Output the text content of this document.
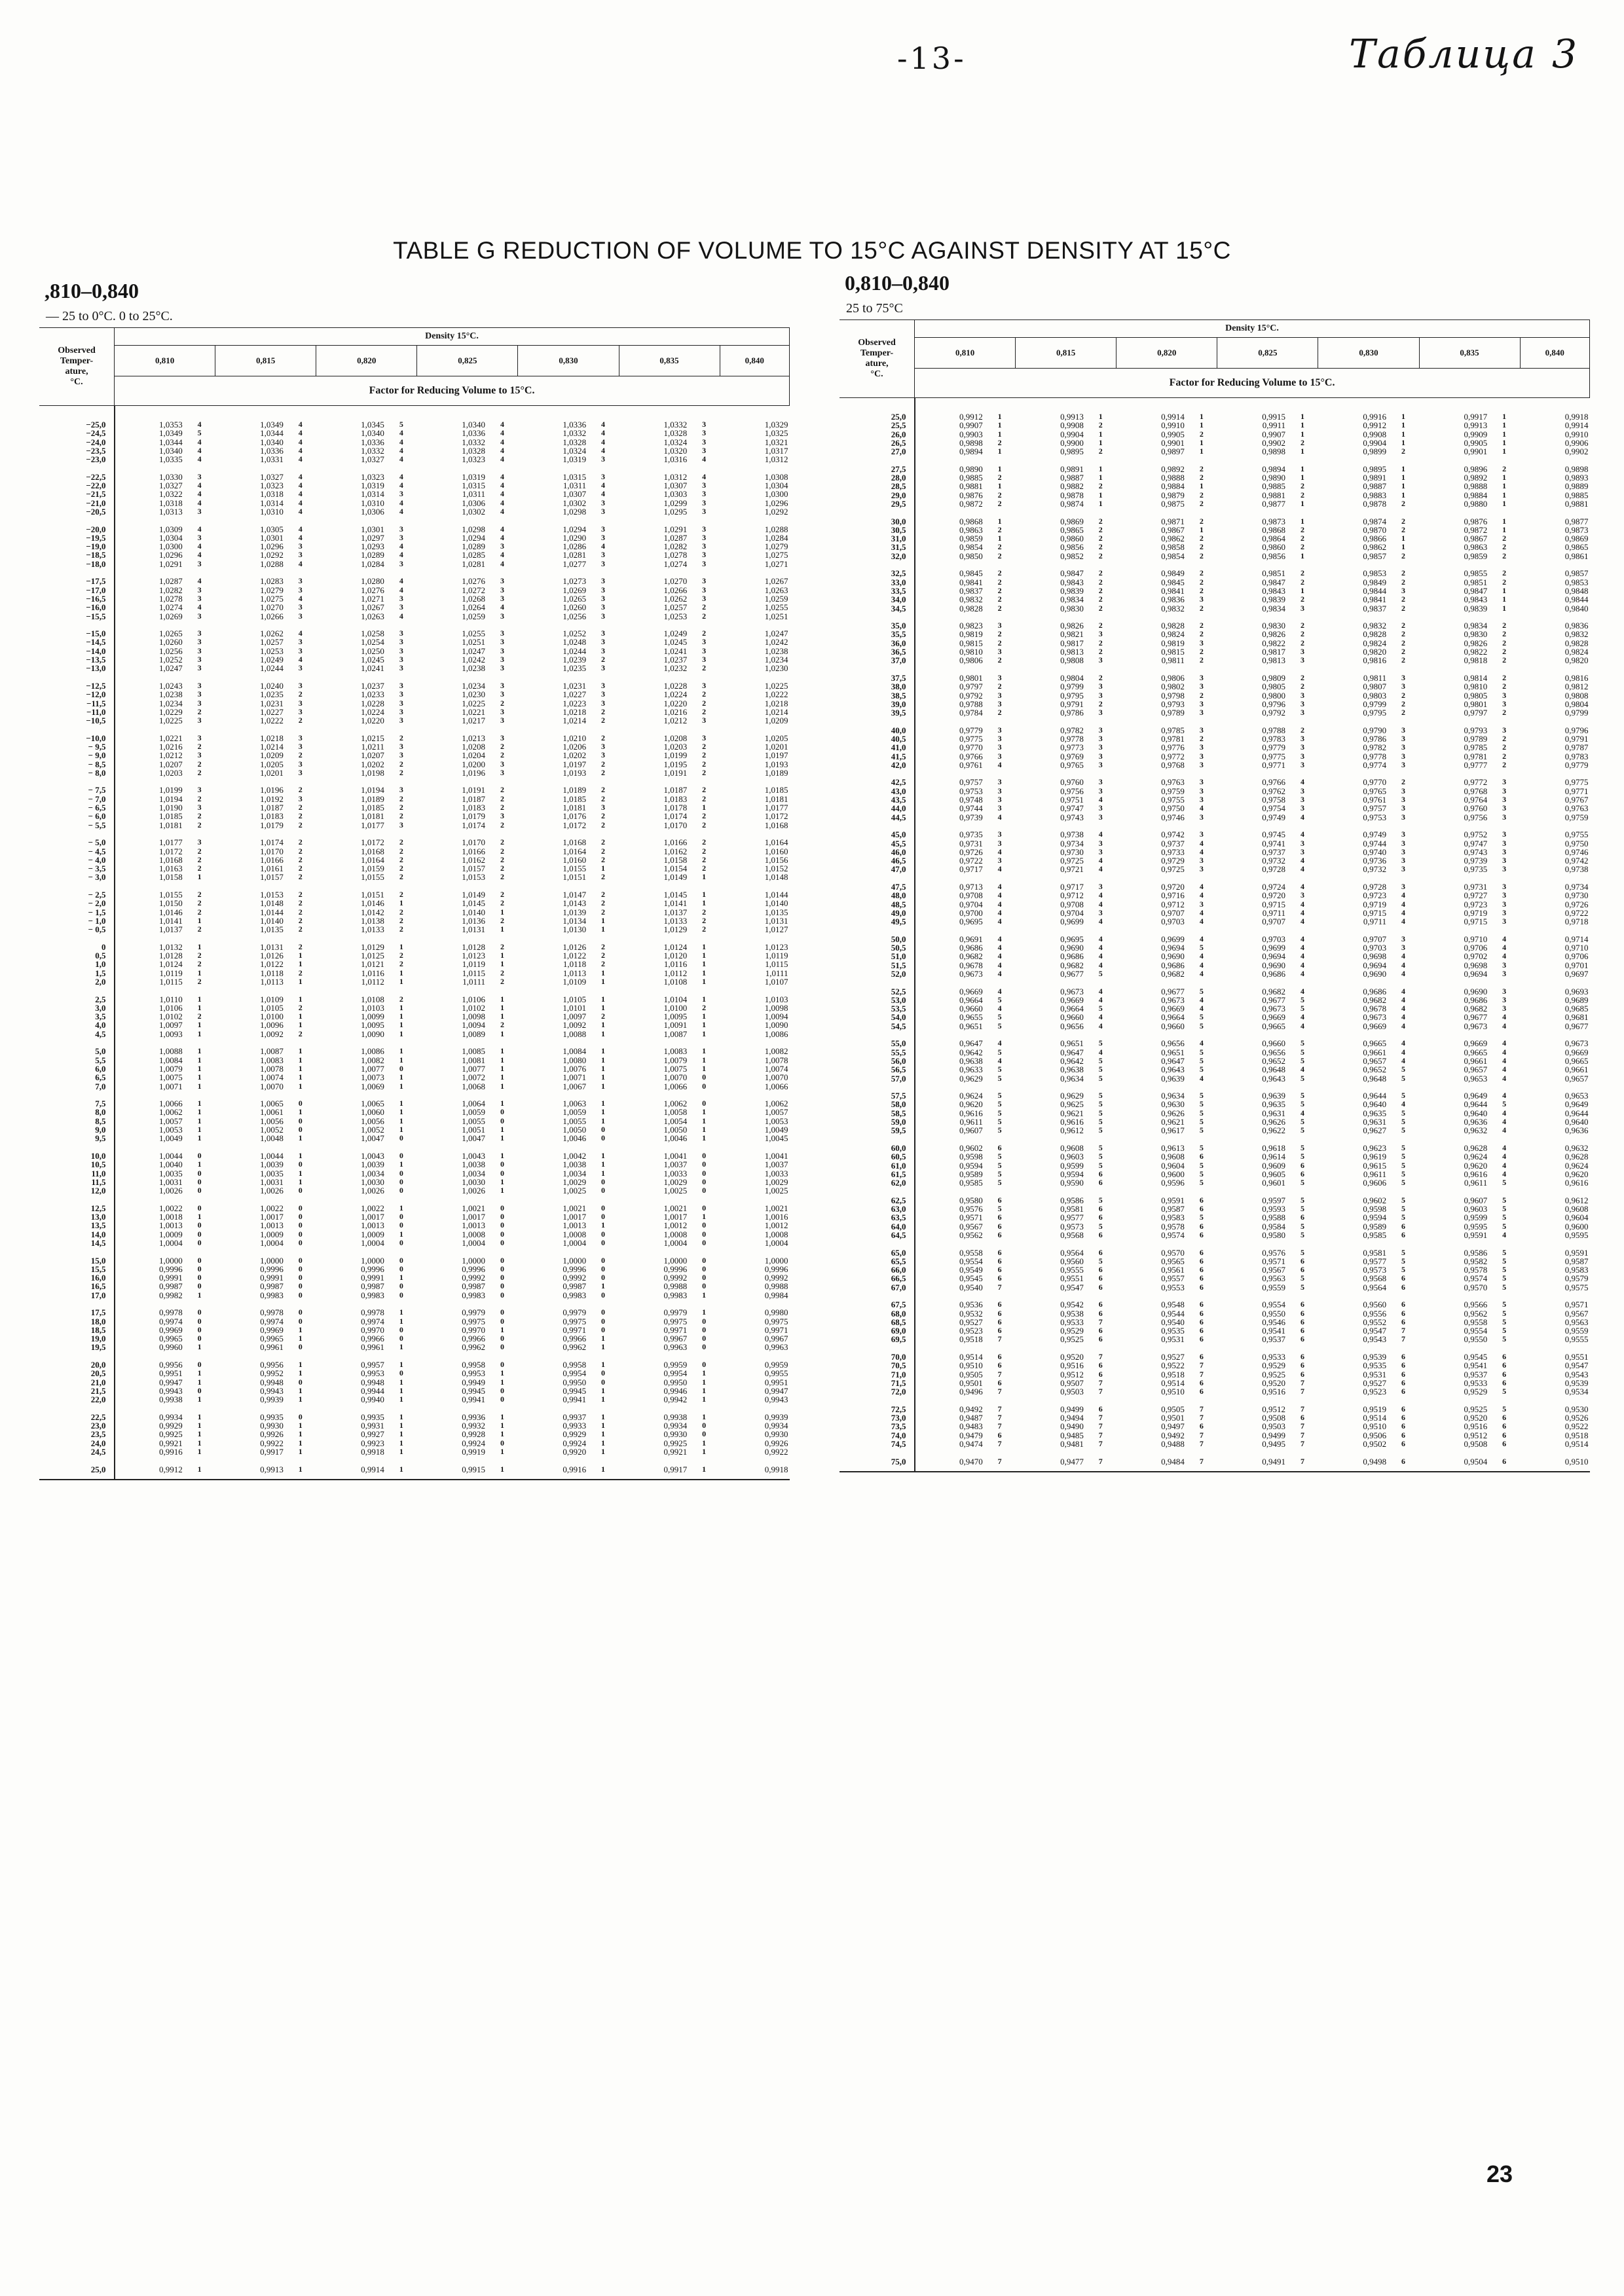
-13-	Таблица 3
TABLE G REDUCTION OF VOLUME TO 15°C AGAINST DENSITY AT 15°C
,810–0,840
— 25 to 0°C. 0 to 25°C.
0,810–0,840
25 to 75°C
Observed
Temper-
ature,
°C.	Density 15°C.												
	0,810		0,815		0,820		0,825		0,830		0,835		0,840
	Factor for Reducing Volume to 15°C.												

−25,0	1,0353	4	1,0349	4	1,0345	5	1,0340	4	1,0336	4	1,0332	3	1,0329
−24,5	1,0349	5	1,0344	4	1,0340	4	1,0336	4	1,0332	4	1,0328	3	1,0325
−24,0	1,0344	4	1,0340	4	1,0336	4	1,0332	4	1,0328	4	1,0324	3	1,0321
−23,5	1,0340	4	1,0336	4	1,0332	4	1,0328	4	1,0324	4	1,0320	3	1,0317
−23,0	1,0335	4	1,0331	4	1,0327	4	1,0323	4	1,0319	3	1,0316	4	1,0312

−22,5	1,0330	3	1,0327	4	1,0323	4	1,0319	4	1,0315	3	1,0312	4	1,0308
−22,0	1,0327	4	1,0323	4	1,0319	4	1,0315	4	1,0311	4	1,0307	3	1,0304
−21,5	1,0322	4	1,0318	4	1,0314	3	1,0311	4	1,0307	4	1,0303	3	1,0300
−21,0	1,0318	4	1,0314	4	1,0310	4	1,0306	4	1,0302	3	1,0299	3	1,0296
−20,5	1,0313	3	1,0310	4	1,0306	4	1,0302	4	1,0298	3	1,0295	3	1,0292

−20,0	1,0309	4	1,0305	4	1,0301	3	1,0298	4	1,0294	3	1,0291	3	1,0288
−19,5	1,0304	3	1,0301	4	1,0297	3	1,0294	4	1,0290	3	1,0287	3	1,0284
−19,0	1,0300	4	1,0296	3	1,0293	4	1,0289	3	1,0286	4	1,0282	3	1,0279
−18,5	1,0296	4	1,0292	3	1,0289	4	1,0285	4	1,0281	3	1,0278	3	1,0275
−18,0	1,0291	3	1,0288	4	1,0284	3	1,0281	4	1,0277	3	1,0274	3	1,0271

−17,5	1,0287	4	1,0283	3	1,0280	4	1,0276	3	1,0273	3	1,0270	3	1,0267
−17,0	1,0282	3	1,0279	3	1,0276	4	1,0272	3	1,0269	3	1,0266	3	1,0263
−16,5	1,0278	3	1,0275	4	1,0271	3	1,0268	3	1,0265	3	1,0262	3	1,0259
−16,0	1,0274	4	1,0270	3	1,0267	3	1,0264	4	1,0260	3	1,0257	2	1,0255
−15,5	1,0269	3	1,0266	3	1,0263	4	1,0259	3	1,0256	3	1,0253	2	1,0251

−15,0	1,0265	3	1,0262	4	1,0258	3	1,0255	3	1,0252	3	1,0249	2	1,0247
−14,5	1,0260	3	1,0257	3	1,0254	3	1,0251	3	1,0248	3	1,0245	3	1,0242
−14,0	1,0256	3	1,0253	3	1,0250	3	1,0247	3	1,0244	3	1,0241	3	1,0238
−13,5	1,0252	3	1,0249	4	1,0245	3	1,0242	3	1,0239	2	1,0237	3	1,0234
−13,0	1,0247	3	1,0244	3	1,0241	3	1,0238	3	1,0235	3	1,0232	2	1,0230

−12,5	1,0243	3	1,0240	3	1,0237	3	1,0234	3	1,0231	3	1,0228	3	1,0225
−12,0	1,0238	3	1,0235	2	1,0233	3	1,0230	3	1,0227	3	1,0224	2	1,0222
−11,5	1,0234	3	1,0231	3	1,0228	3	1,0225	2	1,0223	3	1,0220	2	1,0218
−11,0	1,0229	2	1,0227	3	1,0224	3	1,0221	3	1,0218	2	1,0216	2	1,0214
−10,5	1,0225	3	1,0222	2	1,0220	3	1,0217	3	1,0214	2	1,0212	3	1,0209

−10,0	1,0221	3	1,0218	3	1,0215	2	1,0213	3	1,0210	2	1,0208	3	1,0205
− 9,5	1,0216	2	1,0214	3	1,0211	3	1,0208	2	1,0206	3	1,0203	2	1,0201
− 9,0	1,0212	3	1,0209	2	1,0207	3	1,0204	2	1,0202	3	1,0199	2	1,0197
− 8,5	1,0207	2	1,0205	3	1,0202	2	1,0200	3	1,0197	2	1,0195	2	1,0193
− 8,0	1,0203	2	1,0201	3	1,0198	2	1,0196	3	1,0193	2	1,0191	2	1,0189

− 7,5	1,0199	3	1,0196	2	1,0194	3	1,0191	2	1,0189	2	1,0187	2	1,0185
− 7,0	1,0194	2	1,0192	3	1,0189	2	1,0187	2	1,0185	2	1,0183	2	1,0181
− 6,5	1,0190	3	1,0187	2	1,0185	2	1,0183	2	1,0181	3	1,0178	1	1,0177
− 6,0	1,0185	2	1,0183	2	1,0181	2	1,0179	3	1,0176	2	1,0174	2	1,0172
− 5,5	1,0181	2	1,0179	2	1,0177	3	1,0174	2	1,0172	2	1,0170	2	1,0168

− 5,0	1,0177	3	1,0174	2	1,0172	2	1,0170	2	1,0168	2	1,0166	2	1,0164
− 4,5	1,0172	2	1,0170	2	1,0168	2	1,0166	2	1,0164	2	1,0162	2	1,0160
− 4,0	1,0168	2	1,0166	2	1,0164	2	1,0162	2	1,0160	2	1,0158	2	1,0156
− 3,5	1,0163	2	1,0161	2	1,0159	2	1,0157	2	1,0155	1	1,0154	2	1,0152
− 3,0	1,0158	1	1,0157	2	1,0155	2	1,0153	2	1,0151	2	1,0149	1	1,0148

− 2,5	1,0155	2	1,0153	2	1,0151	2	1,0149	2	1,0147	2	1,0145	1	1,0144
− 2,0	1,0150	2	1,0148	2	1,0146	1	1,0145	2	1,0143	2	1,0141	1	1,0140
− 1,5	1,0146	2	1,0144	2	1,0142	2	1,0140	1	1,0139	2	1,0137	2	1,0135
− 1,0	1,0141	1	1,0140	2	1,0138	2	1,0136	2	1,0134	1	1,0133	2	1,0131
− 0,5	1,0137	2	1,0135	2	1,0133	2	1,0131	1	1,0130	1	1,0129	2	1,0127

0	1,0132	1	1,0131	2	1,0129	1	1,0128	2	1,0126	2	1,0124	1	1,0123
0,5	1,0128	2	1,0126	1	1,0125	2	1,0123	1	1,0122	2	1,0120	1	1,0119
1,0	1,0124	2	1,0122	1	1,0121	2	1,0119	1	1,0118	2	1,0116	1	1,0115
1,5	1,0119	1	1,0118	2	1,0116	1	1,0115	2	1,0113	1	1,0112	1	1,0111
2,0	1,0115	2	1,0113	1	1,0112	1	1,0111	2	1,0109	1	1,0108	1	1,0107

2,5	1,0110	1	1,0109	1	1,0108	2	1,0106	1	1,0105	1	1,0104	1	1,0103
3,0	1,0106	1	1,0105	2	1,0103	1	1,0102	1	1,0101	1	1,0100	2	1,0098
3,5	1,0102	2	1,0100	1	1,0099	1	1,0098	1	1,0097	2	1,0095	1	1,0094
4,0	1,0097	1	1,0096	1	1,0095	1	1,0094	2	1,0092	1	1,0091	1	1,0090
4,5	1,0093	1	1,0092	2	1,0090	1	1,0089	1	1,0088	1	1,0087	1	1,0086

5,0	1,0088	1	1,0087	1	1,0086	1	1,0085	1	1,0084	1	1,0083	1	1,0082
5,5	1,0084	1	1,0083	1	1,0082	1	1,0081	1	1,0080	1	1,0079	1	1,0078
6,0	1,0079	1	1,0078	1	1,0077	0	1,0077	1	1,0076	1	1,0075	1	1,0074
6,5	1,0075	1	1,0074	1	1,0073	1	1,0072	1	1,0071	1	1,0070	0	1,0070
7,0	1,0071	1	1,0070	1	1,0069	1	1,0068	1	1,0067	1	1,0066	0	1,0066

7,5	1,0066	1	1,0065	0	1,0065	1	1,0064	1	1,0063	1	1,0062	0	1,0062
8,0	1,0062	1	1,0061	1	1,0060	1	1,0059	0	1,0059	1	1,0058	1	1,0057
8,5	1,0057	1	1,0056	0	1,0056	1	1,0055	0	1,0055	1	1,0054	1	1,0053
9,0	1,0053	1	1,0052	0	1,0052	1	1,0051	1	1,0050	0	1,0050	1	1,0049
9,5	1,0049	1	1,0048	1	1,0047	0	1,0047	1	1,0046	0	1,0046	1	1,0045

10,0	1,0044	0	1,0044	1	1,0043	0	1,0043	1	1,0042	1	1,0041	0	1,0041
10,5	1,0040	1	1,0039	0	1,0039	1	1,0038	0	1,0038	1	1,0037	0	1,0037
11,0	1,0035	0	1,0035	1	1,0034	0	1,0034	0	1,0034	1	1,0033	0	1,0033
11,5	1,0031	0	1,0031	1	1,0030	0	1,0030	1	1,0029	0	1,0029	0	1,0029
12,0	1,0026	0	1,0026	0	1,0026	0	1,0026	1	1,0025	0	1,0025	0	1,0025

12,5	1,0022	0	1,0022	0	1,0022	1	1,0021	0	1,0021	0	1,0021	0	1,0021
13,0	1,0018	1	1,0017	0	1,0017	0	1,0017	0	1,0017	0	1,0017	1	1,0016
13,5	1,0013	0	1,0013	0	1,0013	0	1,0013	0	1,0013	1	1,0012	0	1,0012
14,0	1,0009	0	1,0009	0	1,0009	1	1,0008	0	1,0008	0	1,0008	0	1,0008
14,5	1,0004	0	1,0004	0	1,0004	0	1,0004	0	1,0004	0	1,0004	0	1,0004

15,0	1,0000	0	1,0000	0	1,0000	0	1,0000	0	1,0000	0	1,0000	0	1,0000
15,5	0,9996	0	0,9996	0	0,9996	0	0,9996	0	0,9996	0	0,9996	0	0,9996
16,0	0,9991	0	0,9991	0	0,9991	1	0,9992	0	0,9992	0	0,9992	0	0,9992
16,5	0,9987	0	0,9987	0	0,9987	0	0,9987	0	0,9987	1	0,9988	0	0,9988
17,0	0,9982	1	0,9983	0	0,9983	0	0,9983	0	0,9983	0	0,9983	1	0,9984

17,5	0,9978	0	0,9978	0	0,9978	1	0,9979	0	0,9979	0	0,9979	1	0,9980
18,0	0,9974	0	0,9974	0	0,9974	1	0,9975	0	0,9975	0	0,9975	0	0,9975
18,5	0,9969	0	0,9969	1	0,9970	0	0,9970	1	0,9971	0	0,9971	0	0,9971
19,0	0,9965	0	0,9965	1	0,9966	0	0,9966	0	0,9966	1	0,9967	0	0,9967
19,5	0,9960	1	0,9961	0	0,9961	1	0,9962	0	0,9962	1	0,9963	0	0,9963

20,0	0,9956	0	0,9956	1	0,9957	1	0,9958	0	0,9958	1	0,9959	0	0,9959
20,5	0,9951	1	0,9952	1	0,9953	0	0,9953	1	0,9954	0	0,9954	1	0,9955
21,0	0,9947	1	0,9948	0	0,9948	1	0,9949	1	0,9950	0	0,9950	1	0,9951
21,5	0,9943	0	0,9943	1	0,9944	1	0,9945	0	0,9945	1	0,9946	1	0,9947
22,0	0,9938	1	0,9939	1	0,9940	1	0,9941	0	0,9941	1	0,9942	1	0,9943

22,5	0,9934	1	0,9935	0	0,9935	1	0,9936	1	0,9937	1	0,9938	1	0,9939
23,0	0,9929	1	0,9930	1	0,9931	1	0,9932	1	0,9933	1	0,9934	0	0,9934
23,5	0,9925	1	0,9926	1	0,9927	1	0,9928	1	0,9929	1	0,9930	0	0,9930
24,0	0,9921	1	0,9922	1	0,9923	1	0,9924	0	0,9924	1	0,9925	1	0,9926
24,5	0,9916	1	0,9917	1	0,9918	1	0,9919	1	0,9920	1	0,9921	1	0,9922

25,0	0,9912	1	0,9913	1	0,9914	1	0,9915	1	0,9916	1	0,9917	1	0,9918

Observed
Temper-
ature,
°C.	Density 15°C.												
	0,810		0,815		0,820		0,825		0,830		0,835		0,840
	Factor for Reducing Volume to 15°C.												

25,0	0,9912	1	0,9913	1	0,9914	1	0,9915	1	0,9916	1	0,9917	1	0,9918
25,5	0,9907	1	0,9908	2	0,9910	1	0,9911	1	0,9912	1	0,9913	1	0,9914
26,0	0,9903	1	0,9904	1	0,9905	2	0,9907	1	0,9908	1	0,9909	1	0,9910
26,5	0,9898	2	0,9900	1	0,9901	1	0,9902	2	0,9904	1	0,9905	1	0,9906
27,0	0,9894	1	0,9895	2	0,9897	1	0,9898	1	0,9899	2	0,9901	1	0,9902

27,5	0,9890	1	0,9891	1	0,9892	2	0,9894	1	0,9895	1	0,9896	2	0,9898
28,0	0,9885	2	0,9887	1	0,9888	2	0,9890	1	0,9891	1	0,9892	1	0,9893
28,5	0,9881	1	0,9882	2	0,9884	1	0,9885	2	0,9887	1	0,9888	1	0,9889
29,0	0,9876	2	0,9878	1	0,9879	2	0,9881	2	0,9883	1	0,9884	1	0,9885
29,5	0,9872	2	0,9874	1	0,9875	2	0,9877	1	0,9878	2	0,9880	1	0,9881

30,0	0,9868	1	0,9869	2	0,9871	2	0,9873	1	0,9874	2	0,9876	1	0,9877
30,5	0,9863	2	0,9865	2	0,9867	1	0,9868	2	0,9870	2	0,9872	1	0,9873
31,0	0,9859	1	0,9860	2	0,9862	2	0,9864	2	0,9866	1	0,9867	2	0,9869
31,5	0,9854	2	0,9856	2	0,9858	2	0,9860	2	0,9862	1	0,9863	2	0,9865
32,0	0,9850	2	0,9852	2	0,9854	2	0,9856	1	0,9857	2	0,9859	2	0,9861

32,5	0,9845	2	0,9847	2	0,9849	2	0,9851	2	0,9853	2	0,9855	2	0,9857
33,0	0,9841	2	0,9843	2	0,9845	2	0,9847	2	0,9849	2	0,9851	2	0,9853
33,5	0,9837	2	0,9839	2	0,9841	2	0,9843	1	0,9844	3	0,9847	1	0,9848
34,0	0,9832	2	0,9834	2	0,9836	3	0,9839	2	0,9841	2	0,9843	1	0,9844
34,5	0,9828	2	0,9830	2	0,9832	2	0,9834	3	0,9837	2	0,9839	1	0,9840

35,0	0,9823	3	0,9826	2	0,9828	2	0,9830	2	0,9832	2	0,9834	2	0,9836
35,5	0,9819	2	0,9821	3	0,9824	2	0,9826	2	0,9828	2	0,9830	2	0,9832
36,0	0,9815	2	0,9817	2	0,9819	3	0,9822	2	0,9824	2	0,9826	2	0,9828
36,5	0,9810	3	0,9813	2	0,9815	2	0,9817	3	0,9820	2	0,9822	2	0,9824
37,0	0,9806	2	0,9808	3	0,9811	2	0,9813	3	0,9816	2	0,9818	2	0,9820

37,5	0,9801	3	0,9804	2	0,9806	3	0,9809	2	0,9811	3	0,9814	2	0,9816
38,0	0,9797	2	0,9799	3	0,9802	3	0,9805	2	0,9807	3	0,9810	2	0,9812
38,5	0,9792	3	0,9795	3	0,9798	2	0,9800	3	0,9803	2	0,9805	3	0,9808
39,0	0,9788	3	0,9791	2	0,9793	3	0,9796	3	0,9799	2	0,9801	3	0,9804
39,5	0,9784	2	0,9786	3	0,9789	3	0,9792	3	0,9795	2	0,9797	2	0,9799

40,0	0,9779	3	0,9782	3	0,9785	3	0,9788	2	0,9790	3	0,9793	3	0,9796
40,5	0,9775	3	0,9778	3	0,9781	2	0,9783	3	0,9786	3	0,9789	2	0,9791
41,0	0,9770	3	0,9773	3	0,9776	3	0,9779	3	0,9782	3	0,9785	2	0,9787
41,5	0,9766	3	0,9769	3	0,9772	3	0,9775	3	0,9778	3	0,9781	2	0,9783
42,0	0,9761	4	0,9765	3	0,9768	3	0,9771	3	0,9774	3	0,9777	2	0,9779

42,5	0,9757	3	0,9760	3	0,9763	3	0,9766	4	0,9770	2	0,9772	3	0,9775
43,0	0,9753	3	0,9756	3	0,9759	3	0,9762	3	0,9765	3	0,9768	3	0,9771
43,5	0,9748	3	0,9751	4	0,9755	3	0,9758	3	0,9761	3	0,9764	3	0,9767
44,0	0,9744	3	0,9747	3	0,9750	4	0,9754	3	0,9757	3	0,9760	3	0,9763
44,5	0,9739	4	0,9743	3	0,9746	3	0,9749	4	0,9753	3	0,9756	3	0,9759

45,0	0,9735	3	0,9738	4	0,9742	3	0,9745	4	0,9749	3	0,9752	3	0,9755
45,5	0,9731	3	0,9734	3	0,9737	4	0,9741	3	0,9744	3	0,9747	3	0,9750
46,0	0,9726	4	0,9730	3	0,9733	4	0,9737	3	0,9740	3	0,9743	3	0,9746
46,5	0,9722	3	0,9725	4	0,9729	3	0,9732	4	0,9736	3	0,9739	3	0,9742
47,0	0,9717	4	0,9721	4	0,9725	3	0,9728	4	0,9732	3	0,9735	3	0,9738

47,5	0,9713	4	0,9717	3	0,9720	4	0,9724	4	0,9728	3	0,9731	3	0,9734
48,0	0,9708	4	0,9712	4	0,9716	4	0,9720	3	0,9723	4	0,9727	3	0,9730
48,5	0,9704	4	0,9708	4	0,9712	3	0,9715	4	0,9719	4	0,9723	3	0,9726
49,0	0,9700	4	0,9704	3	0,9707	4	0,9711	4	0,9715	4	0,9719	3	0,9722
49,5	0,9695	4	0,9699	4	0,9703	4	0,9707	4	0,9711	4	0,9715	3	0,9718

50,0	0,9691	4	0,9695	4	0,9699	4	0,9703	4	0,9707	3	0,9710	4	0,9714
50,5	0,9686	4	0,9690	4	0,9694	5	0,9699	4	0,9703	3	0,9706	4	0,9710
51,0	0,9682	4	0,9686	4	0,9690	4	0,9694	4	0,9698	4	0,9702	4	0,9706
51,5	0,9678	4	0,9682	4	0,9686	4	0,9690	4	0,9694	4	0,9698	3	0,9701
52,0	0,9673	4	0,9677	5	0,9682	4	0,9686	4	0,9690	4	0,9694	3	0,9697

52,5	0,9669	4	0,9673	4	0,9677	5	0,9682	4	0,9686	4	0,9690	3	0,9693
53,0	0,9664	5	0,9669	4	0,9673	4	0,9677	5	0,9682	4	0,9686	3	0,9689
53,5	0,9660	4	0,9664	5	0,9669	4	0,9673	5	0,9678	4	0,9682	3	0,9685
54,0	0,9655	5	0,9660	4	0,9664	5	0,9669	4	0,9673	4	0,9677	4	0,9681
54,5	0,9651	5	0,9656	4	0,9660	5	0,9665	4	0,9669	4	0,9673	4	0,9677

55,0	0,9647	4	0,9651	5	0,9656	4	0,9660	5	0,9665	4	0,9669	4	0,9673
55,5	0,9642	5	0,9647	4	0,9651	5	0,9656	5	0,9661	4	0,9665	4	0,9669
56,0	0,9638	4	0,9642	5	0,9647	5	0,9652	5	0,9657	4	0,9661	4	0,9665
56,5	0,9633	5	0,9638	5	0,9643	5	0,9648	4	0,9652	5	0,9657	4	0,9661
57,0	0,9629	5	0,9634	5	0,9639	4	0,9643	5	0,9648	5	0,9653	4	0,9657

57,5	0,9624	5	0,9629	5	0,9634	5	0,9639	5	0,9644	5	0,9649	4	0,9653
58,0	0,9620	5	0,9625	5	0,9630	5	0,9635	5	0,9640	4	0,9644	5	0,9649
58,5	0,9616	5	0,9621	5	0,9626	5	0,9631	4	0,9635	5	0,9640	4	0,9644
59,0	0,9611	5	0,9616	5	0,9621	5	0,9626	5	0,9631	5	0,9636	4	0,9640
59,5	0,9607	5	0,9612	5	0,9617	5	0,9622	5	0,9627	5	0,9632	4	0,9636

60,0	0,9602	6	0,9608	5	0,9613	5	0,9618	5	0,9623	5	0,9628	4	0,9632
60,5	0,9598	5	0,9603	5	0,9608	6	0,9614	5	0,9619	5	0,9624	4	0,9628
61,0	0,9594	5	0,9599	5	0,9604	5	0,9609	6	0,9615	5	0,9620	4	0,9624
61,5	0,9589	5	0,9594	6	0,9600	5	0,9605	6	0,9611	5	0,9616	4	0,9620
62,0	0,9585	5	0,9590	6	0,9596	5	0,9601	5	0,9606	5	0,9611	5	0,9616

62,5	0,9580	6	0,9586	5	0,9591	6	0,9597	5	0,9602	5	0,9607	5	0,9612
63,0	0,9576	5	0,9581	6	0,9587	6	0,9593	5	0,9598	5	0,9603	5	0,9608
63,5	0,9571	6	0,9577	6	0,9583	5	0,9588	6	0,9594	5	0,9599	5	0,9604
64,0	0,9567	6	0,9573	5	0,9578	6	0,9584	5	0,9589	6	0,9595	5	0,9600
64,5	0,9562	6	0,9568	6	0,9574	6	0,9580	5	0,9585	6	0,9591	4	0,9595

65,0	0,9558	6	0,9564	6	0,9570	6	0,9576	5	0,9581	5	0,9586	5	0,9591
65,5	0,9554	6	0,9560	5	0,9565	6	0,9571	6	0,9577	5	0,9582	5	0,9587
66,0	0,9549	6	0,9555	6	0,9561	6	0,9567	6	0,9573	5	0,9578	5	0,9583
66,5	0,9545	6	0,9551	6	0,9557	6	0,9563	5	0,9568	6	0,9574	5	0,9579
67,0	0,9540	7	0,9547	6	0,9553	6	0,9559	5	0,9564	6	0,9570	5	0,9575

67,5	0,9536	6	0,9542	6	0,9548	6	0,9554	6	0,9560	6	0,9566	5	0,9571
68,0	0,9532	6	0,9538	6	0,9544	6	0,9550	6	0,9556	6	0,9562	5	0,9567
68,5	0,9527	6	0,9533	7	0,9540	6	0,9546	6	0,9552	6	0,9558	5	0,9563
69,0	0,9523	6	0,9529	6	0,9535	6	0,9541	6	0,9547	7	0,9554	5	0,9559
69,5	0,9518	7	0,9525	6	0,9531	6	0,9537	6	0,9543	7	0,9550	5	0,9555

70,0	0,9514	6	0,9520	7	0,9527	6	0,9533	6	0,9539	6	0,9545	6	0,9551
70,5	0,9510	6	0,9516	6	0,9522	7	0,9529	6	0,9535	6	0,9541	6	0,9547
71,0	0,9505	7	0,9512	6	0,9518	7	0,9525	6	0,9531	6	0,9537	6	0,9543
71,5	0,9501	6	0,9507	7	0,9514	6	0,9520	7	0,9527	6	0,9533	6	0,9539
72,0	0,9496	7	0,9503	7	0,9510	6	0,9516	7	0,9523	6	0,9529	5	0,9534

72,5	0,9492	7	0,9499	6	0,9505	7	0,9512	7	0,9519	6	0,9525	5	0,9530
73,0	0,9487	7	0,9494	7	0,9501	7	0,9508	6	0,9514	6	0,9520	6	0,9526
73,5	0,9483	7	0,9490	7	0,9497	6	0,9503	7	0,9510	6	0,9516	6	0,9522
74,0	0,9479	6	0,9485	7	0,9492	7	0,9499	7	0,9506	6	0,9512	6	0,9518
74,5	0,9474	7	0,9481	7	0,9488	7	0,9495	7	0,9502	6	0,9508	6	0,9514

75,0	0,9470	7	0,9477	7	0,9484	7	0,9491	7	0,9498	6	0,9504	6	0,9510

23
